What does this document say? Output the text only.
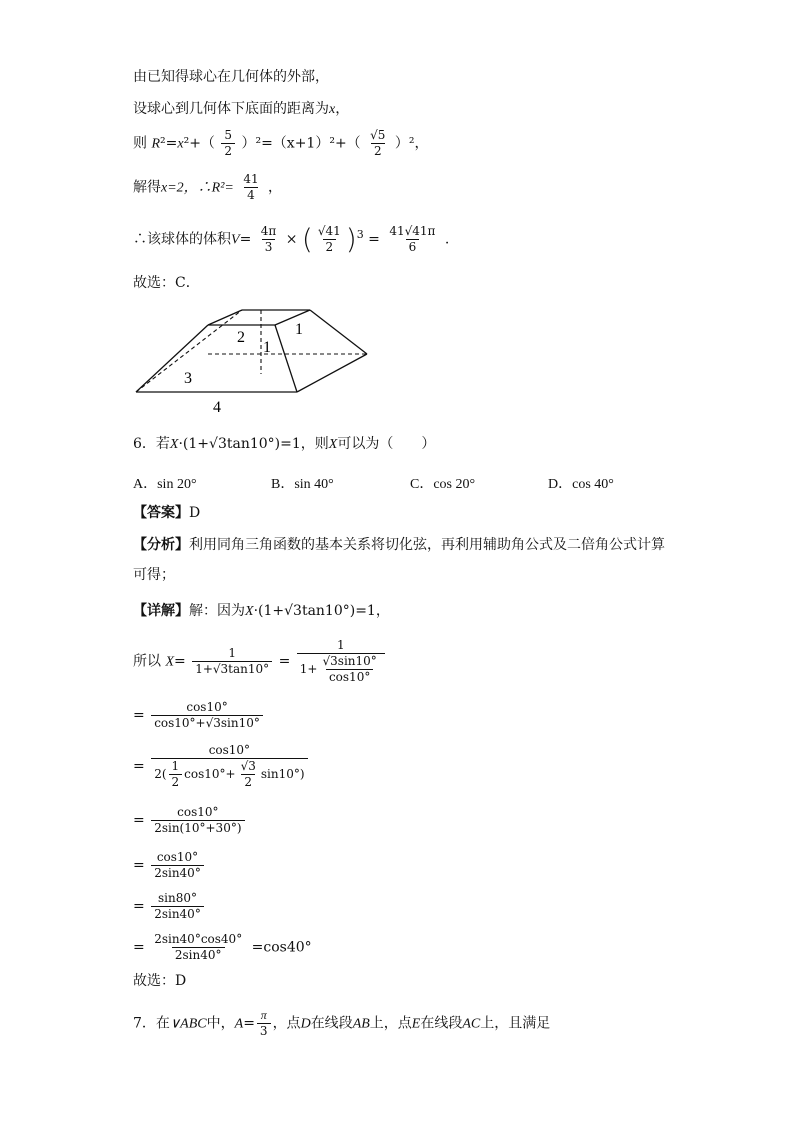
由已知得球心在几何体的外部，
设球心到几何体下底面的距离为x，
则 $R^2=x^2+( \frac{5}{2} )^2=(x+1)^2+( \frac{√5}{2} )^2$，
解得x=2，∴R²= $\frac{41}{4}$ ，
∴该球体的体积$V= \frac{4\pi}{3}$ × ( $\frac{√41}{2} )^3 = \frac{41√41\pi}{6}$ .
故选：C．
1
2
1
3
4
6．若X·(1+√3tan10°)=1，则X可以为（　　）
A．sin 20°	B．sin 40°	C．cos 20°	D．cos 40°
【答案】D
【分析】利用同角三角函数的基本关系将切化弦，再利用辅助角公式及二倍角公式计算
可得；
【详解】解：因为X·(1+√3tan10°)=1，
所以 $X= \frac{1}{1+√3\tan 10^\circ} = \frac{1}{1+ \frac{√3\sin 10^\circ}{\cos 10^\circ}}$
= $\frac{\cos 10^\circ}{\cos 10^\circ+√3\sin 10^\circ}$
= $\frac{\cos 10^\circ}{2( \frac{1}{2} \cos 10^\circ+ \frac{√3}{2} \sin 10^\circ)}$
= $\frac{\cos 10^\circ}{2\sin(10^\circ+30^\circ)}$
= $\frac{\cos 10^\circ}{2\sin 40^\circ}$
= $\frac{\sin 80^\circ}{2\sin 40^\circ}$
= $\frac{2\sin 40^\circ\cos 40^\circ}{2\sin 40^\circ} =\cos 40^\circ$
故选：D
7．在∨ABC中，$A= \frac{\pi}{3}$ ，点D在线段AB上，点E在线段AC上，且满足
